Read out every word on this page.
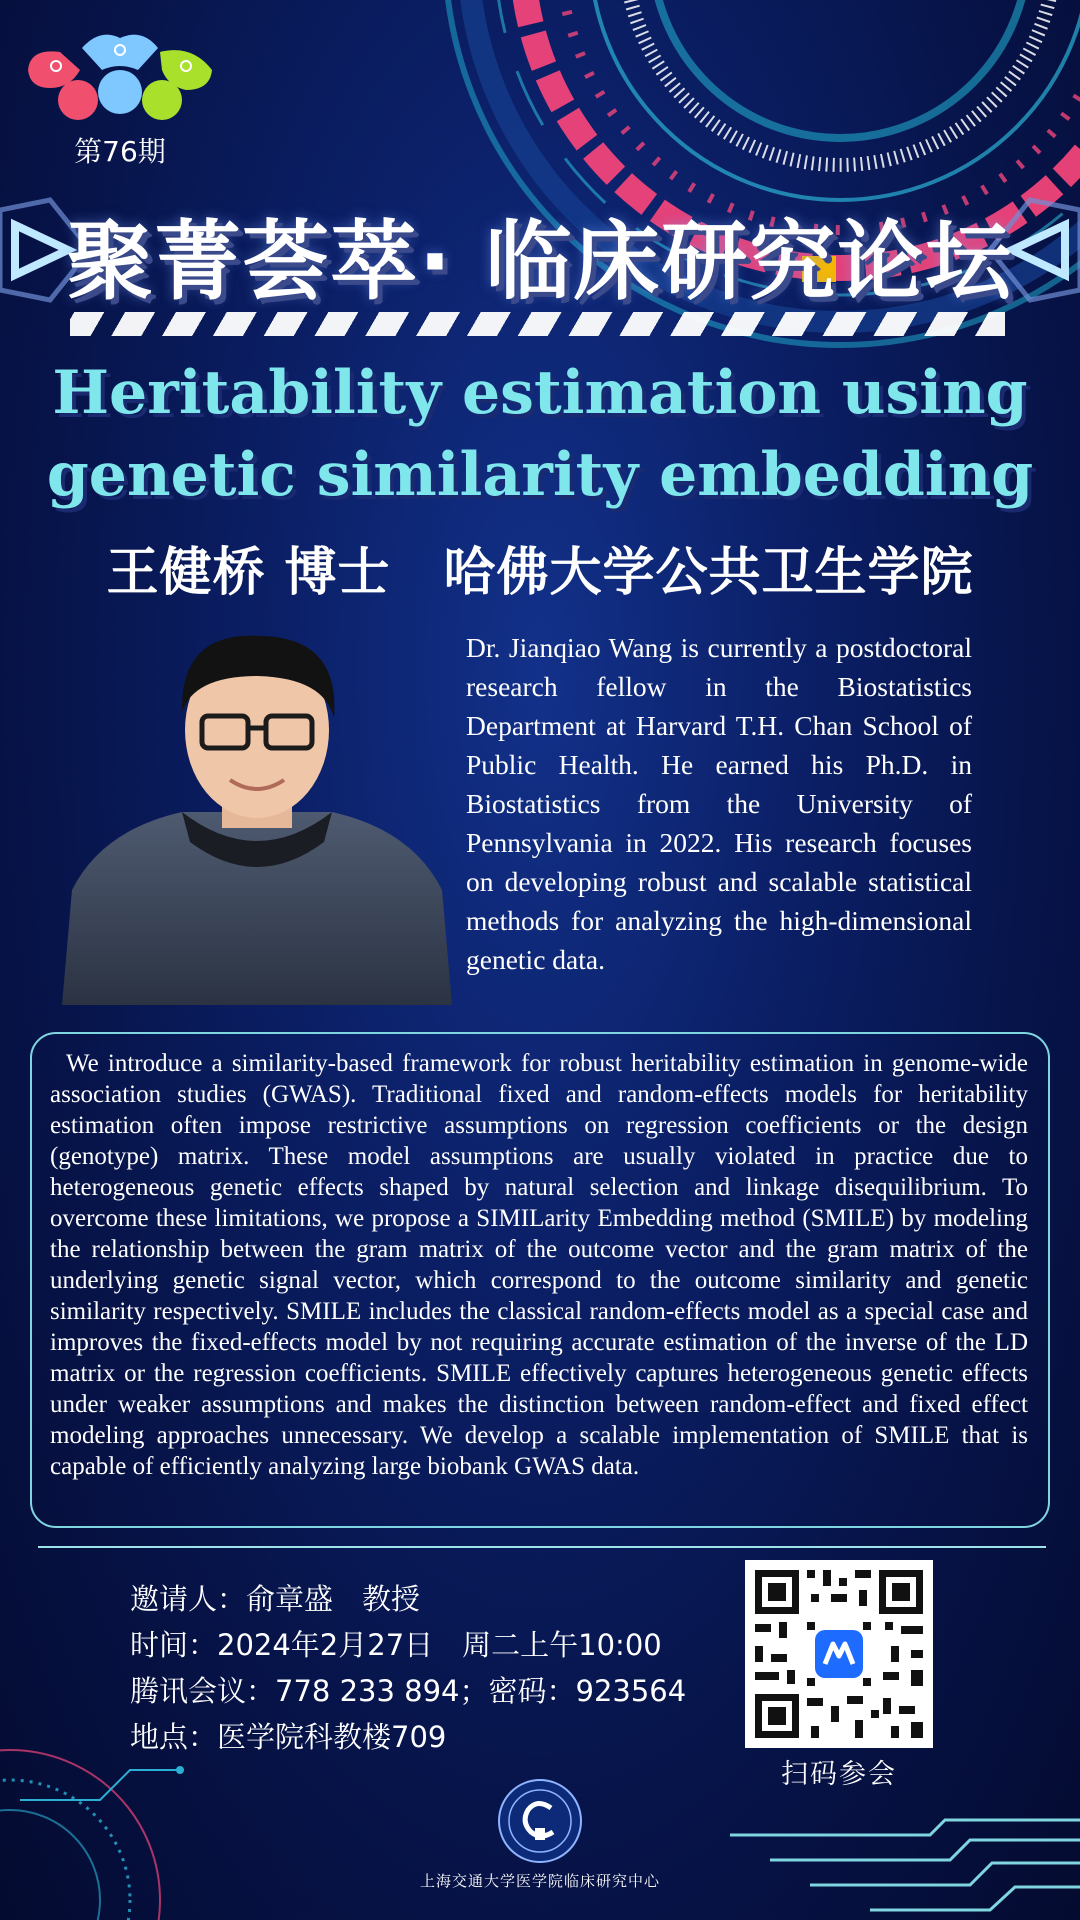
第76期
聚菁荟萃· 临床研究论坛
Heritability estimation using genetic similarity embedding
王健桥 博士　哈佛大学公共卫生学院
Dr. Jianqiao Wang is currently a postdoctoral research fellow in the Biostatistics Department at Harvard T.H. Chan School of Public Health. He earned his Ph.D. in Biostatistics from the University of Pennsylvania in 2022. His research focuses on developing robust and scalable statistical methods for analyzing the high-dimensional genetic data.

We introduce a similarity-based framework for robust heritability estimation in genome-wide association studies (GWAS). Traditional fixed and random-effects models for heritability estimation often impose restrictive assumptions on regression coefficients or the design (genotype) matrix. These model assumptions are usually violated in practice due to heterogeneous genetic effects shaped by natural selection and linkage disequilibrium. To overcome these limitations, we propose a SIMILarity Embedding method (SMILE) by modeling the relationship between the gram matrix of the outcome vector and the gram matrix of the underlying genetic signal vector, which correspond to the outcome similarity and genetic similarity respectively. SMILE includes the classical random-effects model as a special case and improves the fixed-effects model by not requiring accurate estimation of the inverse of the LD matrix or the regression coefficients. SMILE effectively captures heterogeneous genetic effects under weaker assumptions and makes the distinction between random-effect and fixed effect modeling approaches unnecessary. We develop a scalable implementation of SMILE that is capable of efficiently analyzing large biobank GWAS data.

邀请人：俞章盛　教授
时间：2024年2月27日　周二上午10:00
腾讯会议：778 233 894；密码：923564
地点：医学院科教楼709
扫码参会
上海交通大学医学院临床研究中心
